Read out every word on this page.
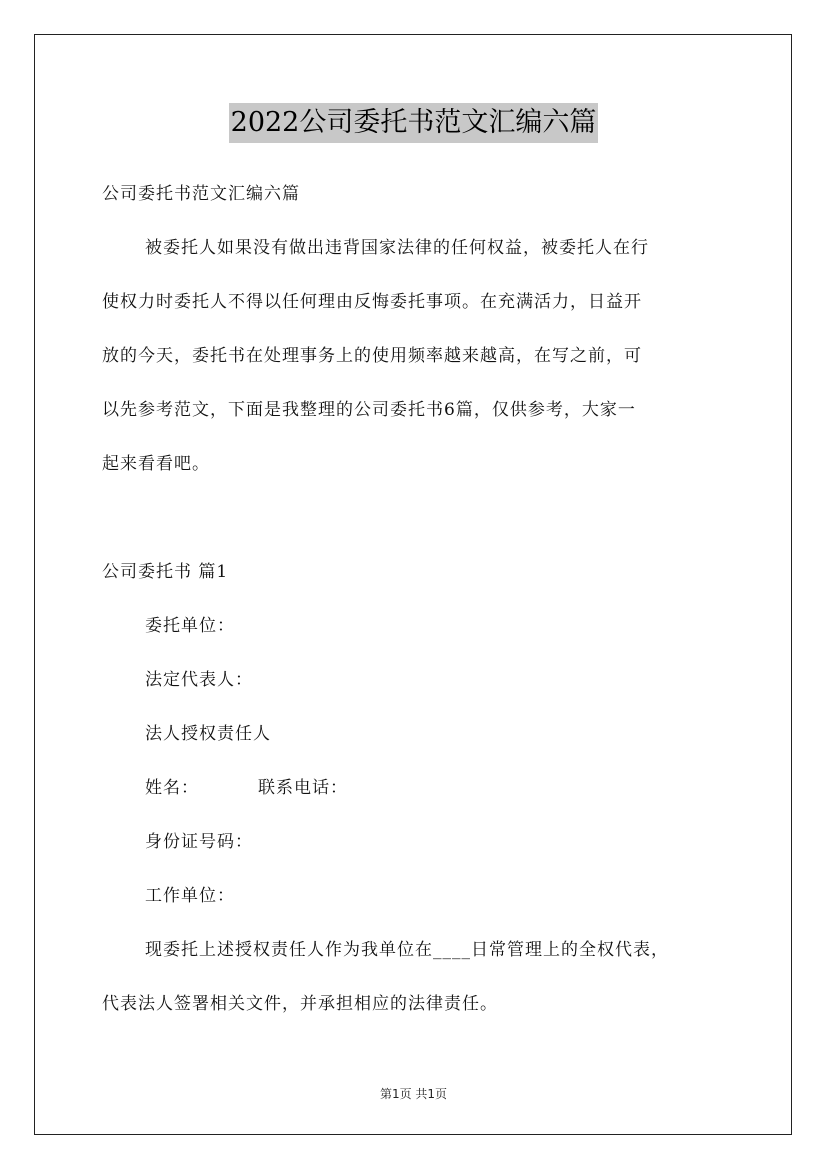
2022公司委托书范文汇编六篇
公司委托书范文汇编六篇
被委托人如果没有做出违背国家法律的任何权益，被委托人在行
使权力时委托人不得以任何理由反悔委托事项。在充满活力，日益开
放的今天，委托书在处理事务上的使用频率越来越高，在写之前，可
以先参考范文，下面是我整理的公司委托书6篇，仅供参考，大家一
起来看看吧。
公司委托书 篇1
委托单位：
法定代表人：
法人授权责任人
姓名：	联系电话：
身份证号码：
工作单位：
现委托上述授权责任人作为我单位在____日常管理上的全权代表，
代表法人签署相关文件，并承担相应的法律责任。
第1页 共1页
